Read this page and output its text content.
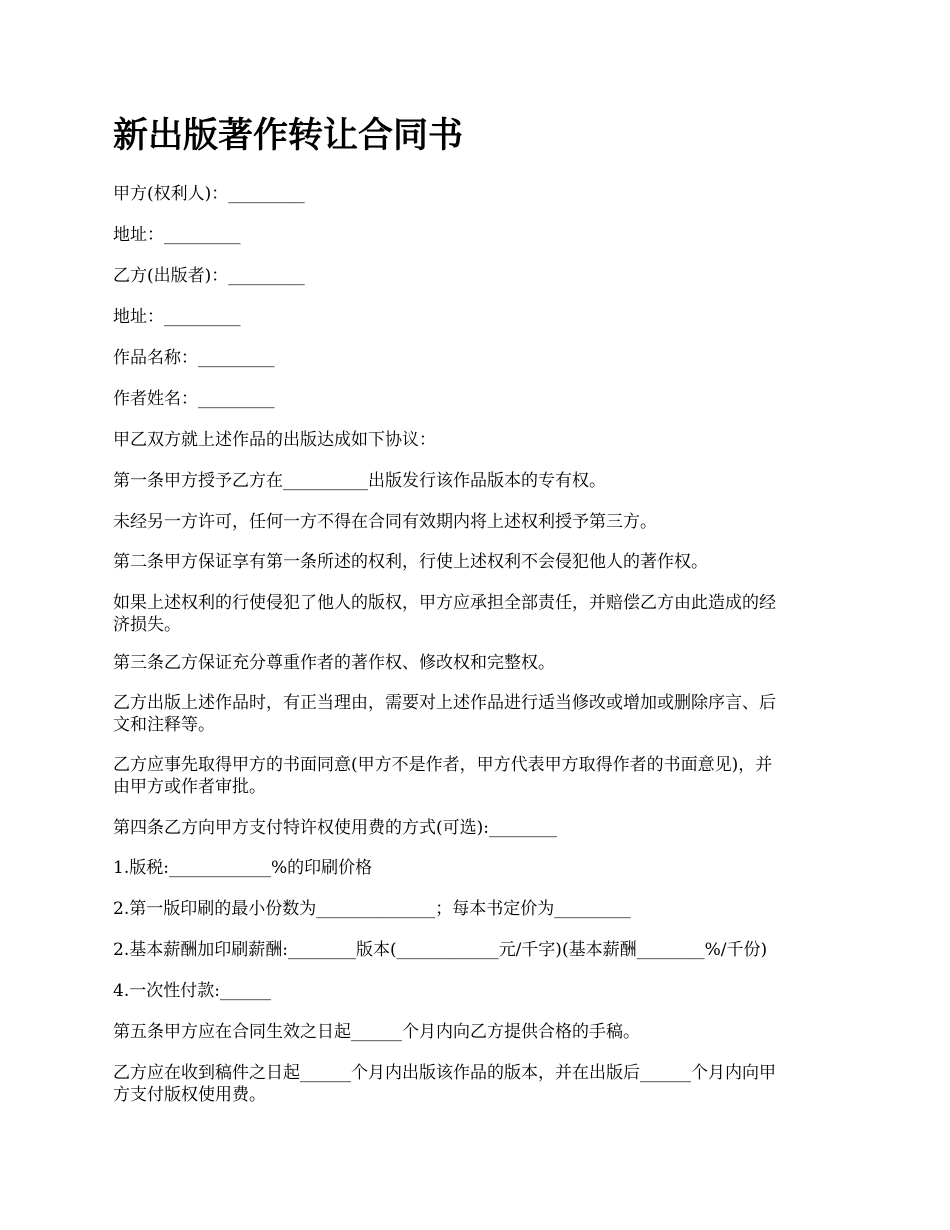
新出版著作转让合同书

甲方(权利人)：_________

地址：_________

乙方(出版者)：_________

地址：_________

作品名称：_________

作者姓名：_________

甲乙双方就上述作品的出版达成如下协议：

第一条甲方授予乙方在__________出版发行该作品版本的专有权。

未经另一方许可，任何一方不得在合同有效期内将上述权利授予第三方。

第二条甲方保证享有第一条所述的权利，行使上述权利不会侵犯他人的著作权。

如果上述权利的行使侵犯了他人的版权，甲方应承担全部责任，并赔偿乙方由此造成的经

济损失。

第三条乙方保证充分尊重作者的著作权、修改权和完整权。

乙方出版上述作品时，有正当理由，需要对上述作品进行适当修改或增加或删除序言、后

文和注释等。

乙方应事先取得甲方的书面同意(甲方不是作者，甲方代表甲方取得作者的书面意见)，并

由甲方或作者审批。

第四条乙方向甲方支付特许权使用费的方式(可选):________

1.版税:____________%的印刷价格

2.第一版印刷的最小份数为______________；每本书定价为_________

2.基本薪酬加印刷薪酬:________版本(____________元/千字)(基本薪酬________%/千份)

4.一次性付款:______

第五条甲方应在合同生效之日起______个月内向乙方提供合格的手稿。

乙方应在收到稿件之日起______个月内出版该作品的版本，并在出版后______个月内向甲

方支付版权使用费。
